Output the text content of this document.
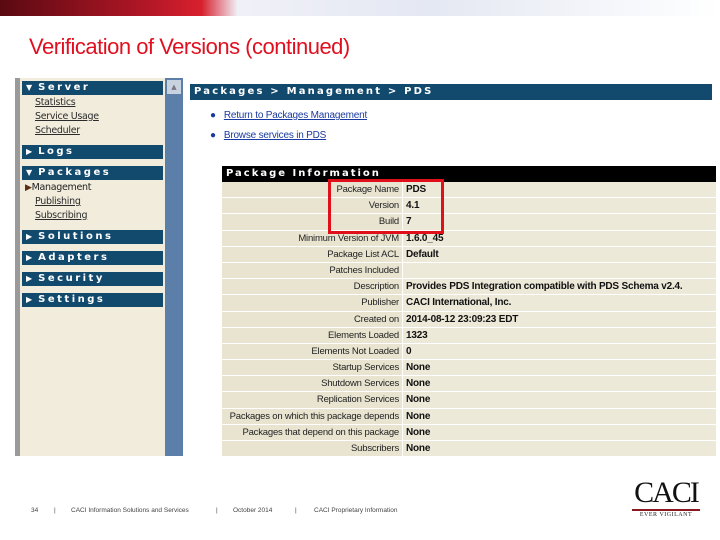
Verification of Versions (continued)
▲
▼ Server
Statistics
Service Usage
Scheduler
▶ Logs
▼ Packages
▶Management
Publishing
Subscribing
▶ Solutions
▶ Adapters
▶ Security
▶ Settings
Packages > Management > PDS
● Return to Packages Management
● Browse services in PDS
Package Information
Package Name PDS
Version 4.1
Build 7
Minimum Version of JVM 1.6.0_45
Package List ACL Default
Patches Included
Description Provides PDS Integration compatible with PDS Schema v2.4.
Publisher CACI International, Inc.
Created on 2014-08-12 23:09:23 EDT
Elements Loaded 1323
Elements Not Loaded 0
Startup Services None
Shutdown Services None
Replication Services None
Packages on which this package depends None
Packages that depend on this package None
Subscribers None
34 | CACI Information Solutions and Services	| October 2014	|	CACI Proprietary Information
CACI
EVER VIGILANT
